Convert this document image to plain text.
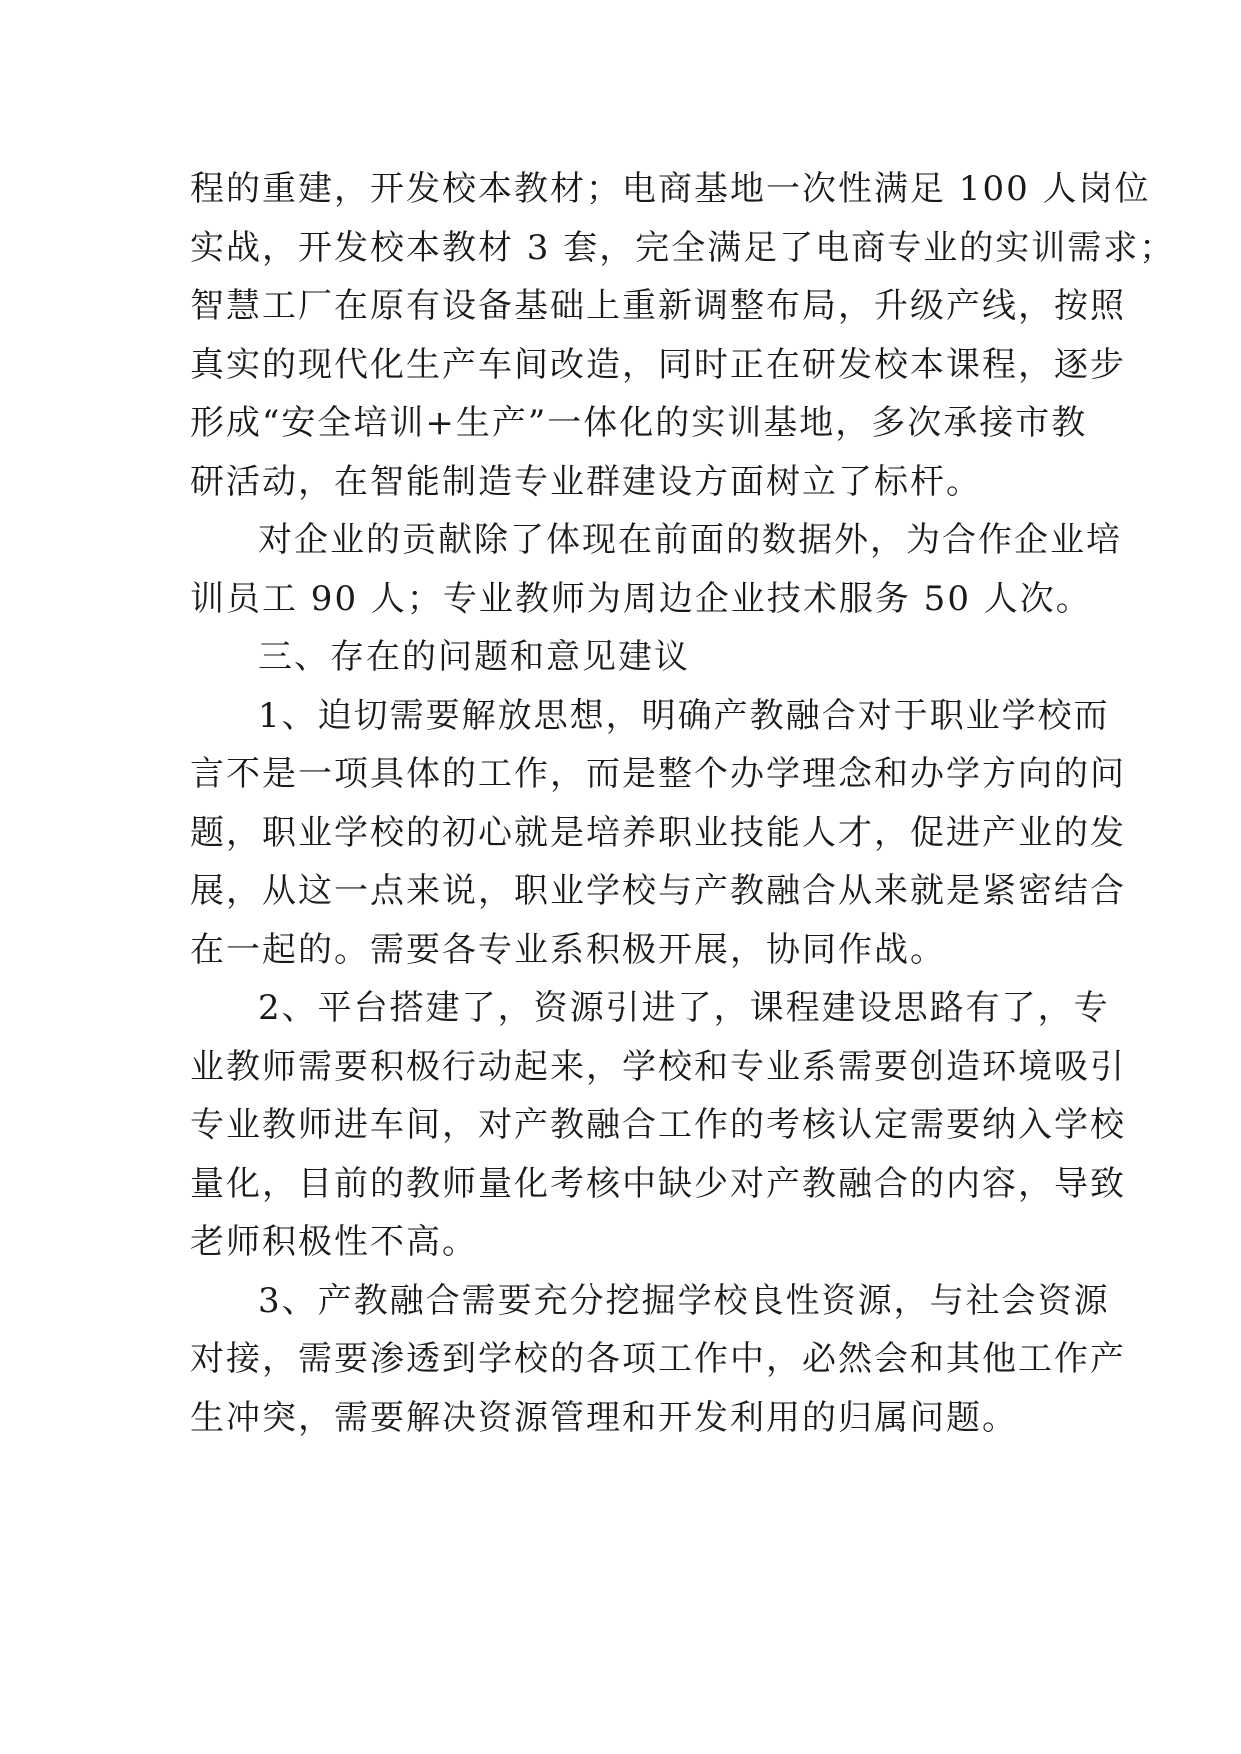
程的重建，开发校本教材；电商基地一次性满足 100 人岗位
实战，开发校本教材 3 套，完全满足了电商专业的实训需求；
智慧工厂在原有设备基础上重新调整布局，升级产线，按照
真实的现代化生产车间改造，同时正在研发校本课程，逐步
形成“安全培训+生产”一体化的实训基地，多次承接市教
研活动，在智能制造专业群建设方面树立了标杆。
对企业的贡献除了体现在前面的数据外，为合作企业培
训员工 90 人；专业教师为周边企业技术服务 50 人次。
三、存在的问题和意见建议
1、迫切需要解放思想，明确产教融合对于职业学校而
言不是一项具体的工作，而是整个办学理念和办学方向的问
题，职业学校的初心就是培养职业技能人才，促进产业的发
展，从这一点来说，职业学校与产教融合从来就是紧密结合
在一起的。需要各专业系积极开展，协同作战。
2、平台搭建了，资源引进了，课程建设思路有了，专
业教师需要积极行动起来，学校和专业系需要创造环境吸引
专业教师进车间，对产教融合工作的考核认定需要纳入学校
量化，目前的教师量化考核中缺少对产教融合的内容，导致
老师积极性不高。
3、产教融合需要充分挖掘学校良性资源，与社会资源
对接，需要渗透到学校的各项工作中，必然会和其他工作产
生冲突，需要解决资源管理和开发利用的归属问题。
